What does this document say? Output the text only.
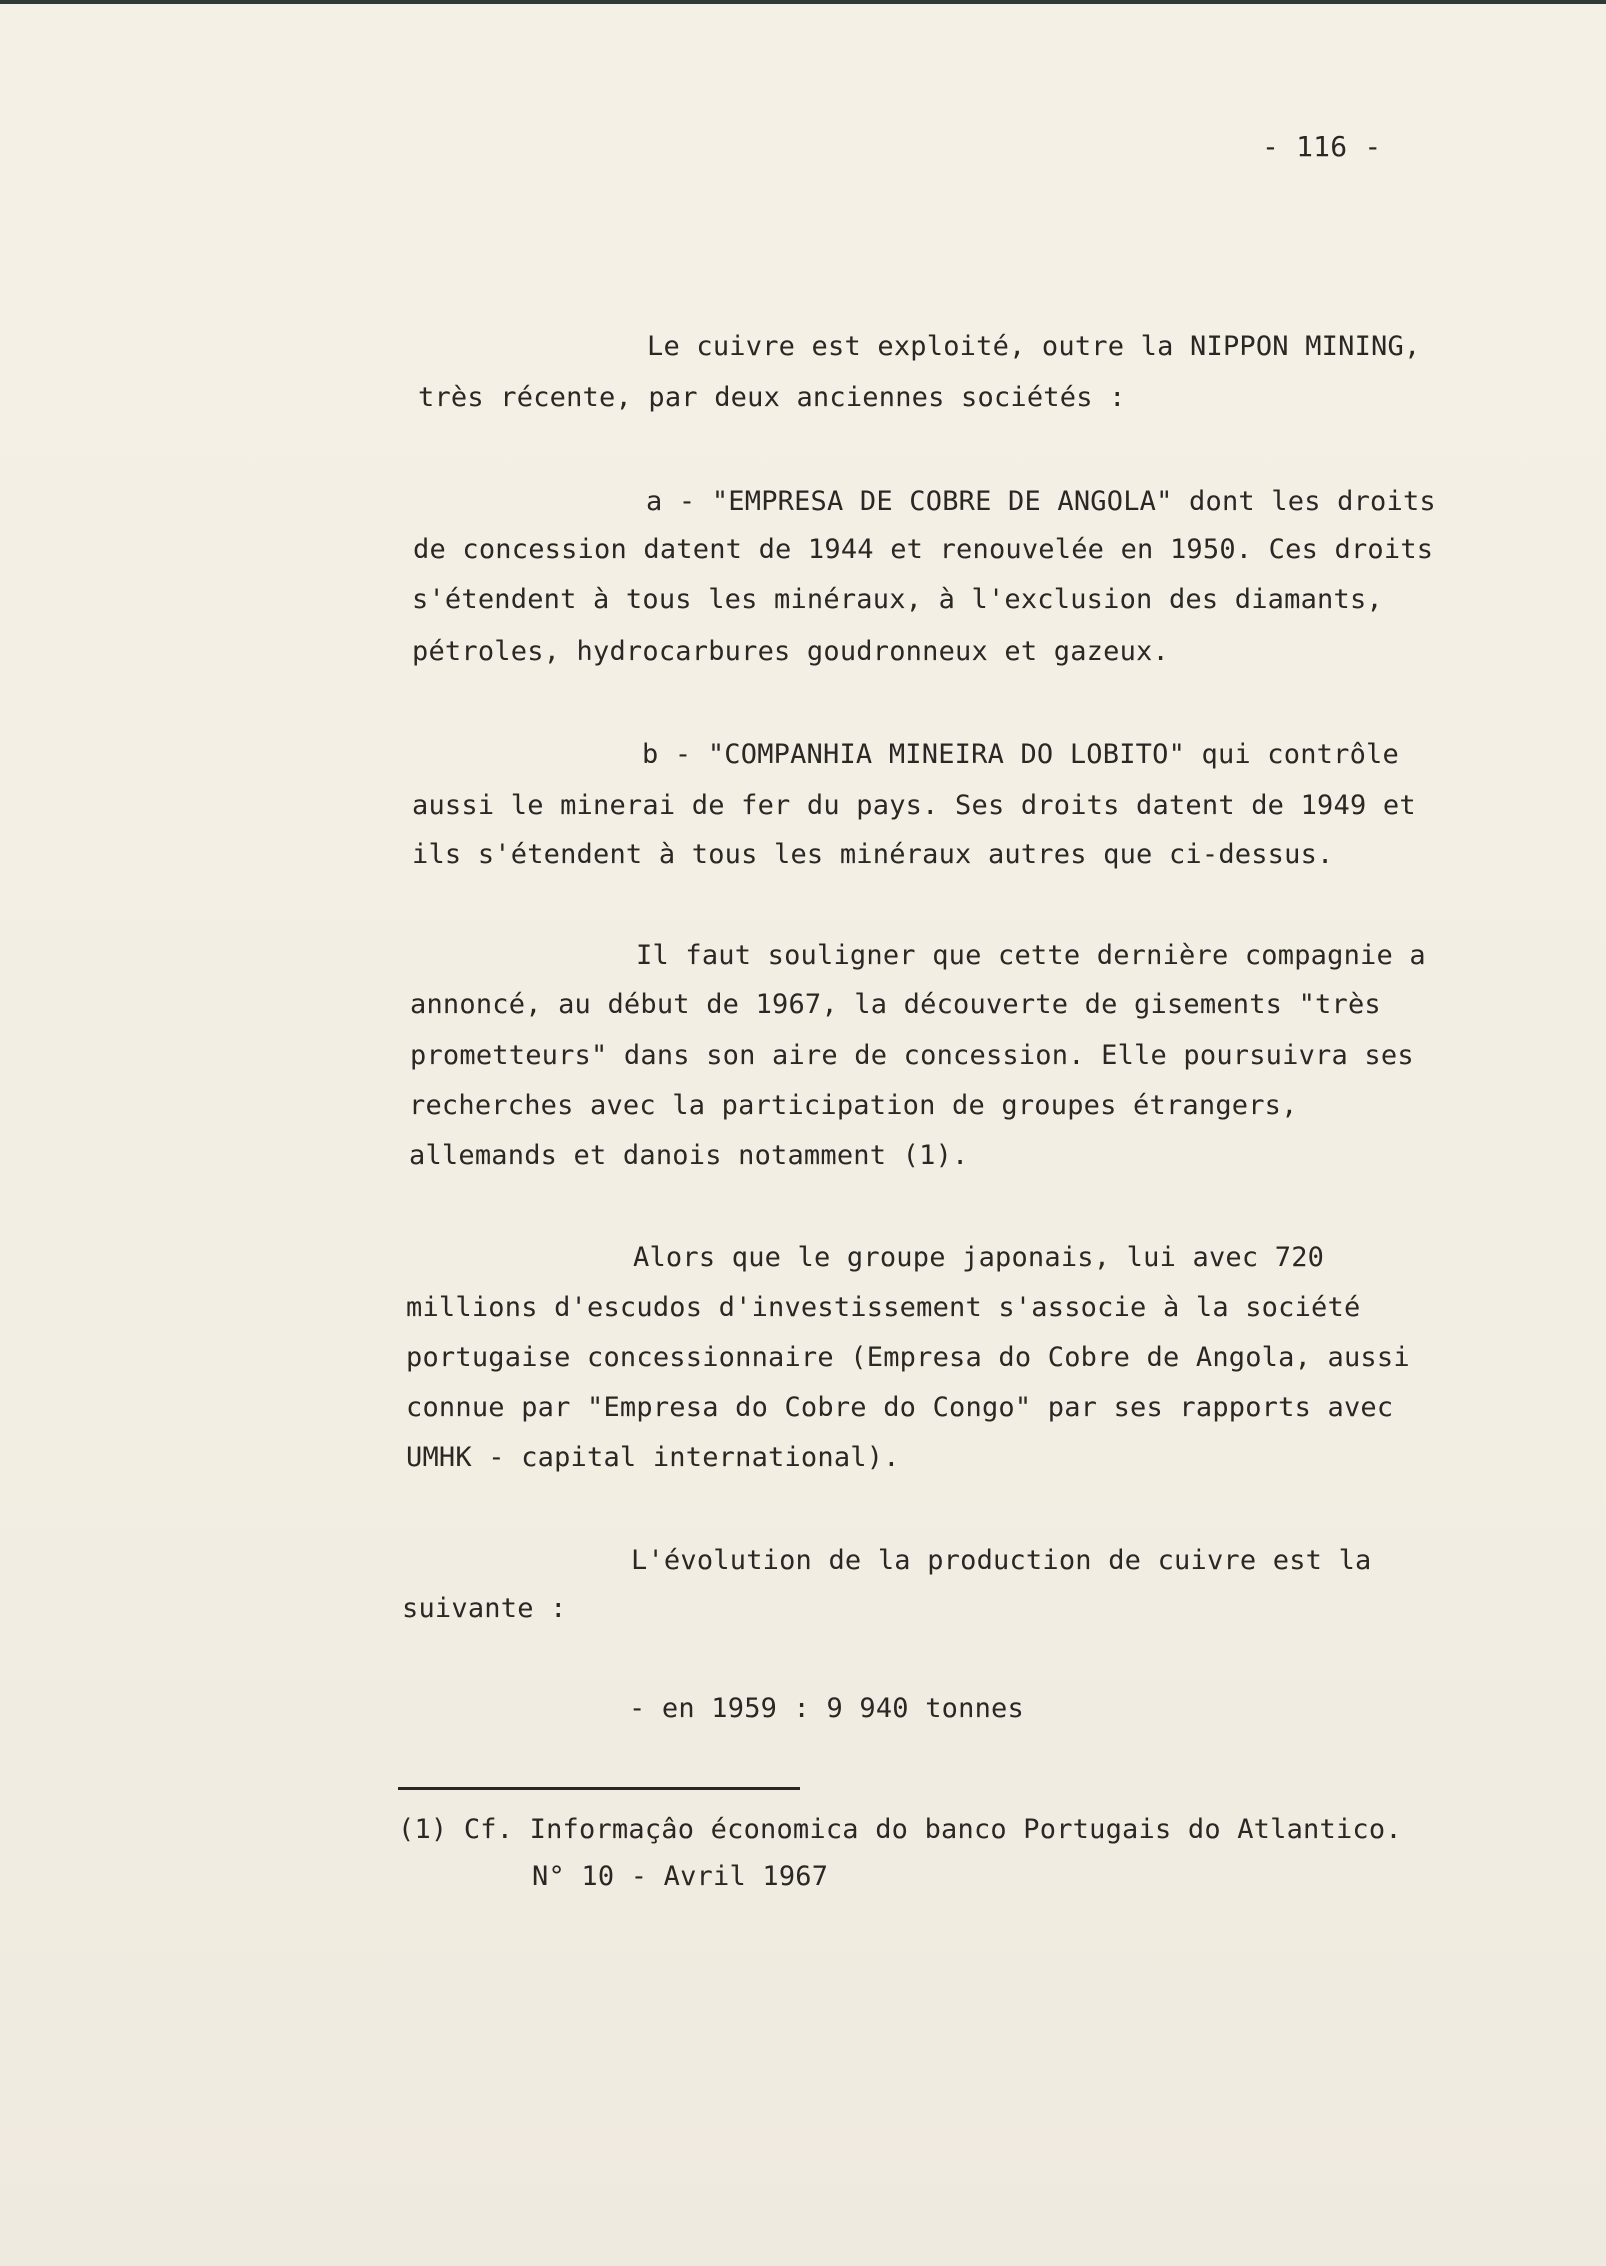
- 116 -
Le cuivre est exploité, outre la NIPPON MINING,
très récente, par deux anciennes sociétés :
a - "EMPRESA DE COBRE DE ANGOLA" dont les droits
de concession datent de 1944 et renouvelée en 1950. Ces droits
s'étendent à tous les minéraux, à l'exclusion des diamants,
pétroles, hydrocarbures goudronneux et gazeux.
b - "COMPANHIA MINEIRA DO LOBITO" qui contrôle
aussi le minerai de fer du pays. Ses droits datent de 1949 et
ils s'étendent à tous les minéraux autres que ci-dessus.
Il faut souligner que cette dernière compagnie a
annoncé, au début de 1967, la découverte de gisements "très
prometteurs" dans son aire de concession. Elle poursuivra ses
recherches avec la participation de groupes étrangers,
allemands et danois notamment (1).
Alors que le groupe japonais, lui avec 720
millions d'escudos d'investissement s'associe à la société
portugaise concessionnaire (Empresa do Cobre de Angola, aussi
connue par "Empresa do Cobre do Congo" par ses rapports avec
UMHK - capital international).
L'évolution de la production de cuivre est la
suivante :
- en 1959 : 9 940 tonnes
(1) Cf. Informaçâo économica do banco Portugais do Atlantico.
N° 10 - Avril 1967
